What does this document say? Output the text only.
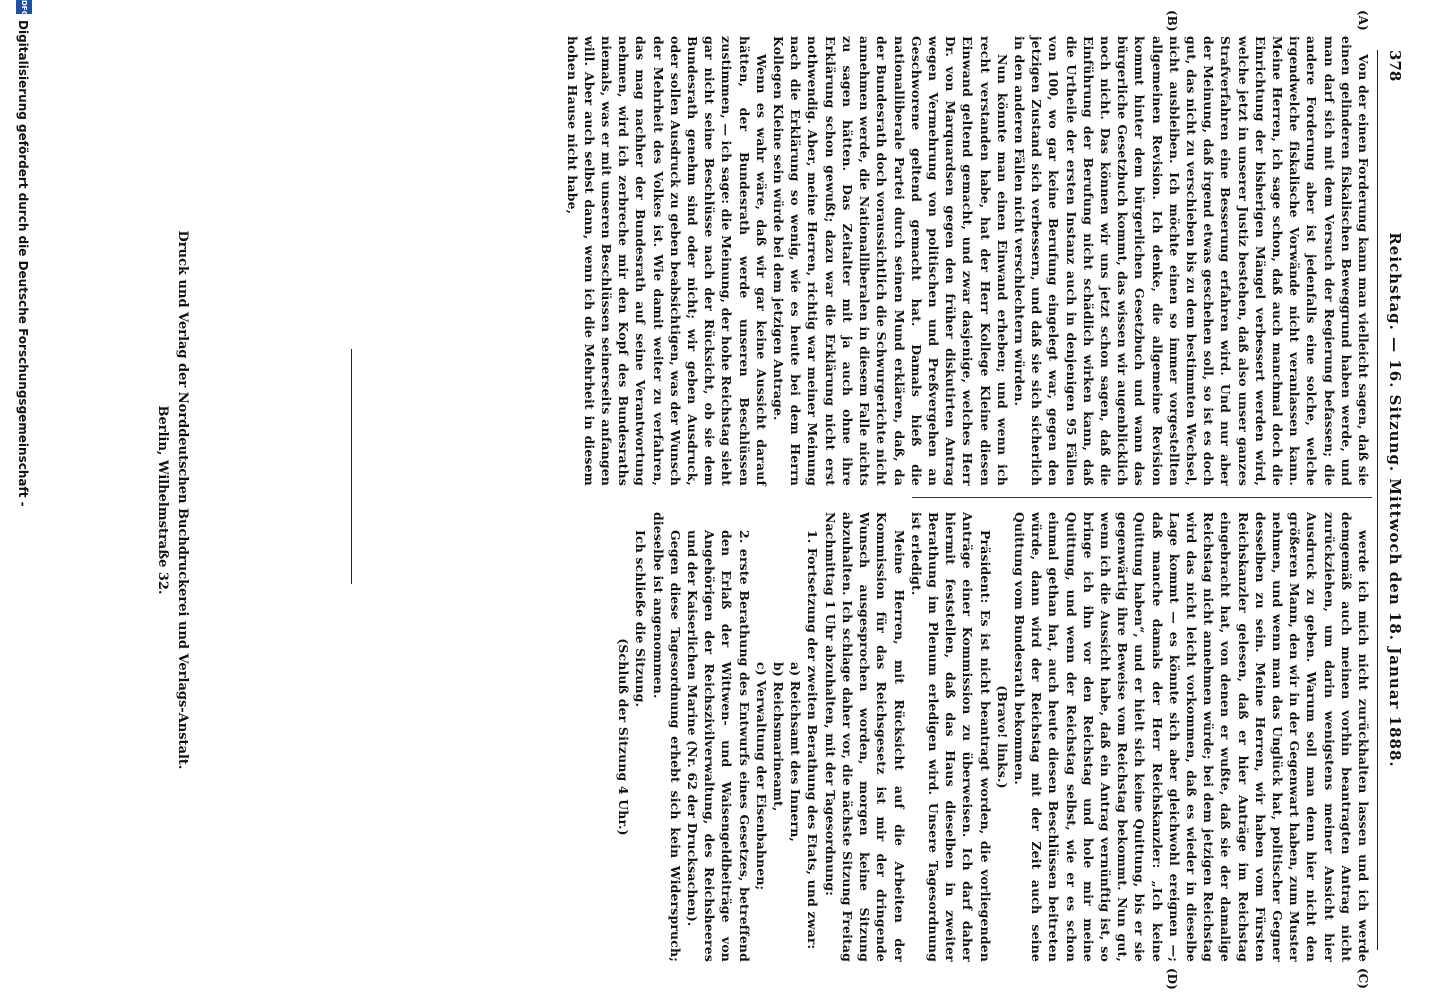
378
Reichstag. — 16. Sitzung. Mittwoch den 18. Januar 1888.
(A)
(B)
(C)
(D)

Von der einen Forderung kann man vielleicht sagen, daß sie einen gelinderen fiskalischen Beweggrund haben werde, und man darf sich mit dem Versuch der Regierung befassen; die andere Forderung aber ist jedenfalls eine solche, welche irgendwelche fiskalische Vorwände nicht veranlassen kann. Meine Herren, ich sage schon, daß auch manchmal doch die Einrichtung der bisherigen Mängel verbessert werden wird, welche jetzt in unserer Justiz bestehen, daß also unser ganzes Strafverfahren eine Besserung erfahren wird. Und nur aber der Meinung, daß irgend etwas geschehen soll, so ist es doch gut, das nicht zu verschieben bis zu dem bestimmten Wechsel, nicht ausbleiben. Ich möchte einen so immer vorgestellten allgemeinen Revision. Ich denke, die allgemeine Revision kommt hinter dem bürgerlichen Gesetzbuch und wann das bürgerliche Gesetzbuch kommt, das wissen wir augenblicklich noch nicht. Das können wir uns jetzt schon sagen, daß die Einführung der Berufung nicht schädlich wirken kann, daß die Urtheile der ersten Instanz auch in denjenigen 95 Fällen von 100, wo gar keine Berufung eingelegt war, gegen den jetzigen Zustand sich verbessern, und daß sie sich sicherlich in den anderen Fällen nicht verschlechtern würden.

Nun könnte man einen Einwand erheben; und wenn ich recht verstanden habe, hat der Herr Kollege Kleine diesen Einwand geltend gemacht, und zwar dasjenige, welches Herr Dr. von Marquardsen gegen den früher diskutirten Antrag wegen Vermehrung von politischen und Preßvergehen an Geschworene geltend gemacht hat. Damals hieß die nationalliberale Partei durch seinen Mund erklären, daß, da der Bundesrath doch voraussichtlich die Schwurgerichte nicht annehmen werde, die Nationalliberalen in diesem Falle nichts zu sagen hätten. Das Zeitalter mit ja auch ohne ihre Erklärung schon gewußt; dazu war die Erklärung nicht erst nothwendig. Aber, meine Herren, richtig war meiner Meinung nach die Erklärung so wenig, wie es heute bei dem Herrn Kollegen Kleine sein würde bei dem jetzigen Antrage.

Wenn es wahr wäre, daß wir gar keine Aussicht darauf hätten, der Bundesrath werde unseren Beschlüssen zustimmen, — ich sage: die Meinung, der hohe Reichstag sieht gar nicht seine Beschlüsse nach der Rücksicht, ob sie dem Bundesrath genehm sind oder nicht; wir geben Ausdruck, oder sollen Ausdruck zu geben beabsichtigen, was der Wunsch der Mehrheit des Volkes ist. Wie damit weiter zu verfahren, das mag nachher der Bundesrath auf seine Verantwortung nehmen, wird ich zerbreche mir den Kopf des Bundesraths niemals, was er mit unseren Beschlüssen seinerseits anfangen will. Aber auch selbst dann, wenn ich die Mehrheit in diesem hohen Hause nicht habe,

werde ich mich nicht zurückhalten lassen und ich werde demgemäß auch meinen vorhin beantragten Antrag nicht zurückziehen, um darin wenigstens meiner Ansicht hier Ausdruck zu geben. Warum soll man denn hier nicht den größeren Mann, den wir in der Gegenwart haben, zum Muster nehmen, und wenn man das Unglück hat, politischer Gegner desselben zu sein. Meine Herren, wir haben vom Fürsten Reichskanzler gelesen, daß er hier Anträge im Reichstag eingebracht hat, von denen er wußte, daß sie der damalige Reichstag nicht annehmen würde; bei dem jetzigen Reichstag wird das nicht leicht vorkommen, daß es wieder in dieselbe Lage kommt — es könnte sich aber gleichwohl ereignen —; daß manche damals der Herr Reichskanzler: „Ich keine Quittung haben“, und er hielt sich keine Quittung, bis er sie gegenwärtig ihre Beweise vom Reichstag bekommt. Nun gut, wenn ich die Aussicht habe, daß ein Antrag vernünftig ist, so bringe ich ihn vor den Reichstag und hole mir meine Quittung, und wenn der Reichstag selbst, wie er es schon einmal gethan hat, auch heute diesen Beschlüssen beitreten würde, dann wird der Reichstag mit der Zeit auch seine Quittung vom Bundesrath bekommen.

(Bravo! links.)

Präsident: Es ist nicht beantragt worden, die vorliegenden Anträge einer Kommission zu überweisen. Ich darf daher hiermit feststellen, daß das Haus dieselben in zweiter Berathung im Plenum erledigen wird. Unsere Tagesordnung ist erledigt.

Meine Herren, mit Rücksicht auf die Arbeiten der Kommission für das Reichsgesetz ist mir der dringende Wunsch ausgesprochen worden, morgen keine Sitzung abzuhalten. Ich schlage daher vor, die nächste Sitzung Freitag Nachmittag 1 Uhr abzuhalten, mit der Tagesordnung:

1. Fortsetzung der zweiten Berathung des Etats, und zwar:

a) Reichsamt des Innern,

b) Reichsmarineamt,

c) Verwaltung der Eisenbahnen;

2. erste Berathung des Entwurfs eines Gesetzes, betreffend den Erlaß der Wittwen- und Waisengeldbeiträge von Angehörigen der Reichszivilverwaltung, des Reichsheeres und der Kaiserlichen Marine (Nr. 62 der Drucksachen).

Gegen diese Tagesordnung erhebt sich kein Widerspruch; dieselbe ist angenommen.

Ich schließe die Sitzung.

(Schluß der Sitzung 4 Uhr.)

Druck und Verlag der Norddeutschen Buchdruckerei und Verlags-Anstalt.
Berlin, Wilhelmstraße 32.
DFG
Digitalisierung gefördert durch die Deutsche Forschungsgemeinschaft -
